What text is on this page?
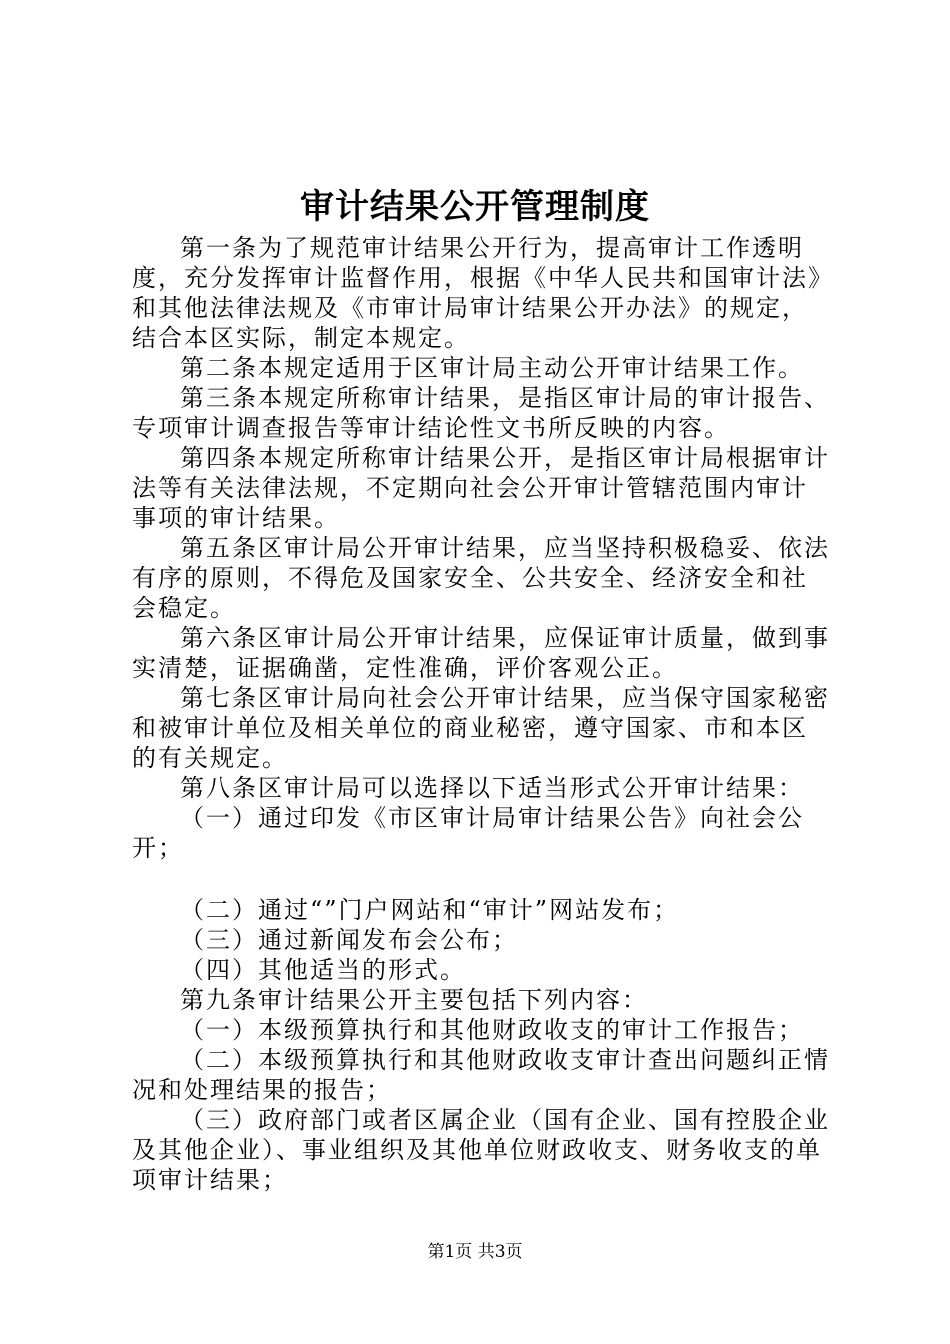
审计结果公开管理制度

第一条为了规范审计结果公开行为，提高审计工作透明度，充分发挥审计监督作用，根据《中华人民共和国审计法》和其他法律法规及《市审计局审计结果公开办法》的规定，结合本区实际，制定本规定。

第二条本规定适用于区审计局主动公开审计结果工作。

第三条本规定所称审计结果，是指区审计局的审计报告、专项审计调查报告等审计结论性文书所反映的内容。

第四条本规定所称审计结果公开，是指区审计局根据审计法等有关法律法规，不定期向社会公开审计管辖范围内审计事项的审计结果。

第五条区审计局公开审计结果，应当坚持积极稳妥、依法有序的原则，不得危及国家安全、公共安全、经济安全和社会稳定。

第六条区审计局公开审计结果，应保证审计质量，做到事实清楚，证据确凿，定性准确，评价客观公正。

第七条区审计局向社会公开审计结果，应当保守国家秘密和被审计单位及相关单位的商业秘密，遵守国家、市和本区的有关规定。

第八条区审计局可以选择以下适当形式公开审计结果：

（一）通过印发《市区审计局审计结果公告》向社会公开；

（二）通过“”门户网站和“审计”网站发布；

（三）通过新闻发布会公布；

（四）其他适当的形式。

第九条审计结果公开主要包括下列内容：

（一）本级预算执行和其他财政收支的审计工作报告；

（二）本级预算执行和其他财政收支审计查出问题纠正情况和处理结果的报告；

（三）政府部门或者区属企业（国有企业、国有控股企业及其他企业）、事业组织及其他单位财政收支、财务收支的单项审计结果；

第1页 共3页
